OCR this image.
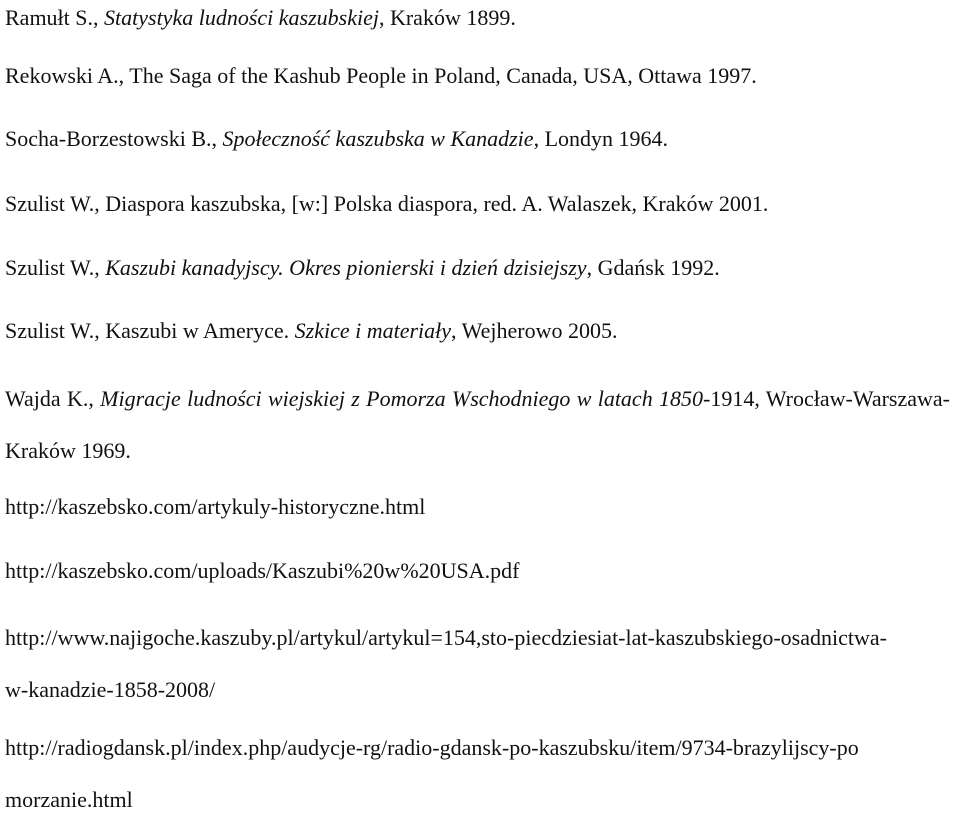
Ramułt S., Statystyka ludności kaszubskiej, Kraków 1899.

Rekowski A., The Saga of the Kashub People in Poland, Canada, USA, Ottawa 1997.

Socha-Borzestowski B., Społeczność kaszubska w Kanadzie, Londyn 1964.

Szulist W., Diaspora kaszubska, [w:] Polska diaspora, red. A. Walaszek, Kraków 2001.

Szulist W., Kaszubi kanadyjscy. Okres pionierski i dzień dzisiejszy, Gdańsk 1992.

Szulist W., Kaszubi w Ameryce. Szkice i materiały, Wejherowo 2005.

Wajda K., Migracje ludności wiejskiej z Pomorza Wschodniego w latach 1850-1914, Wrocław-Warszawa-Kraków 1969.

http://kaszebsko.com/artykuly-historyczne.html

http://kaszebsko.com/uploads/Kaszubi%20w%20USA.pdf

http://www.najigoche.kaszuby.pl/artykul/artykul=154,sto-piecdziesiat-lat-kaszubskiego-osadnictwa-w-kanadzie-1858-2008/

http://radiogdansk.pl/index.php/audycje-rg/radio-gdansk-po-kaszubsku/item/9734-brazylijscy-pomorzanie.html
